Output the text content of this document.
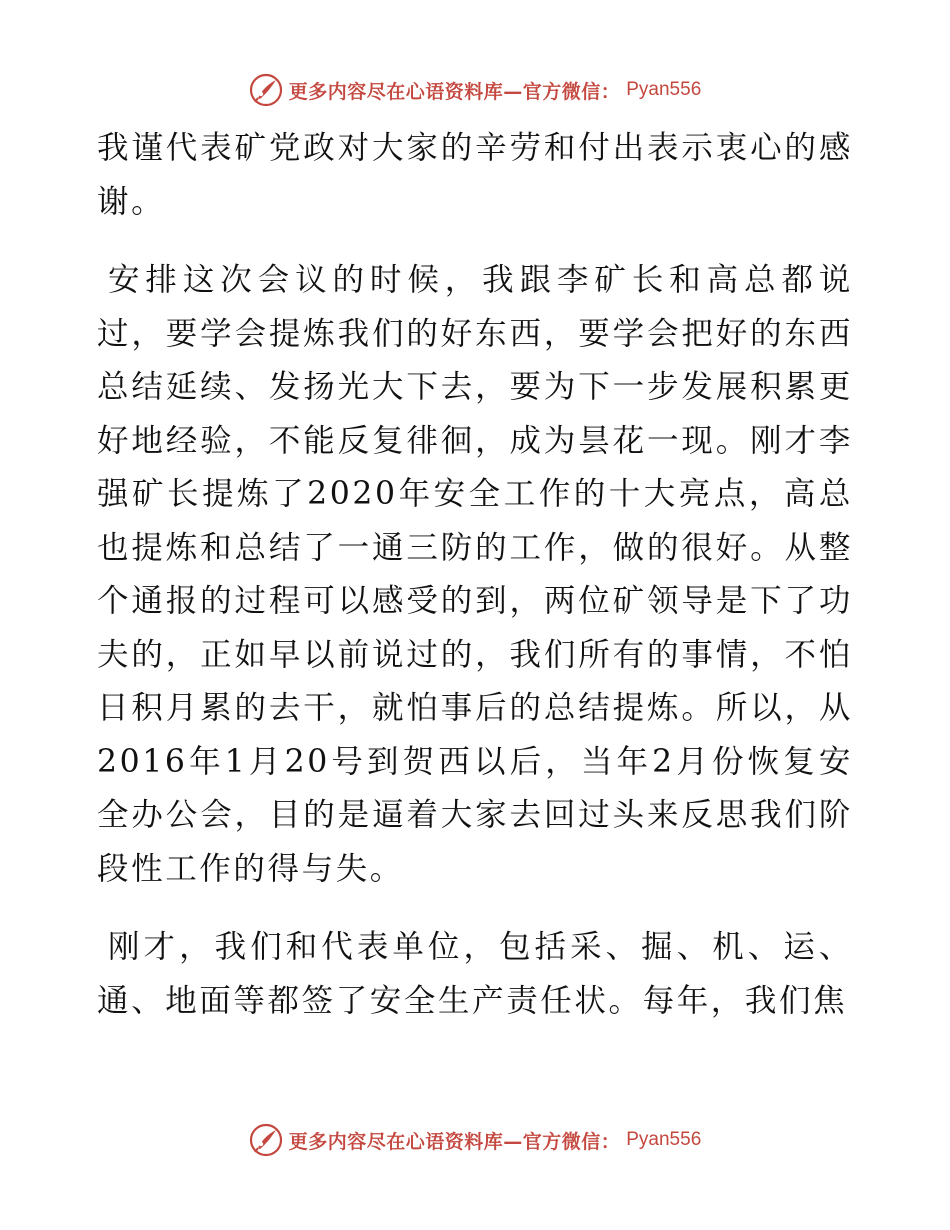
更多内容尽在心语资料库—官方微信： Pyan556

我谨代表矿党政对大家的辛劳和付出表示衷心的感谢。

安排这次会议的时候，我跟李矿长和高总都说过，要学会提炼我们的好东西，要学会把好的东西总结延续、发扬光大下去，要为下一步发展积累更好地经验，不能反复徘徊，成为昙花一现。刚才李强矿长提炼了2020年安全工作的十大亮点，高总也提炼和总结了一通三防的工作，做的很好。从整个通报的过程可以感受的到，两位矿领导是下了功夫的，正如早以前说过的，我们所有的事情，不怕日积月累的去干，就怕事后的总结提炼。所以，从2016年1月20号到贺西以后，当年2月份恢复安全办公会，目的是逼着大家去回过头来反思我们阶段性工作的得与失。

刚才，我们和代表单位，包括采、掘、机、运、通、地面等都签了安全生产责任状。每年，我们焦

更多内容尽在心语资料库—官方微信： Pyan556
